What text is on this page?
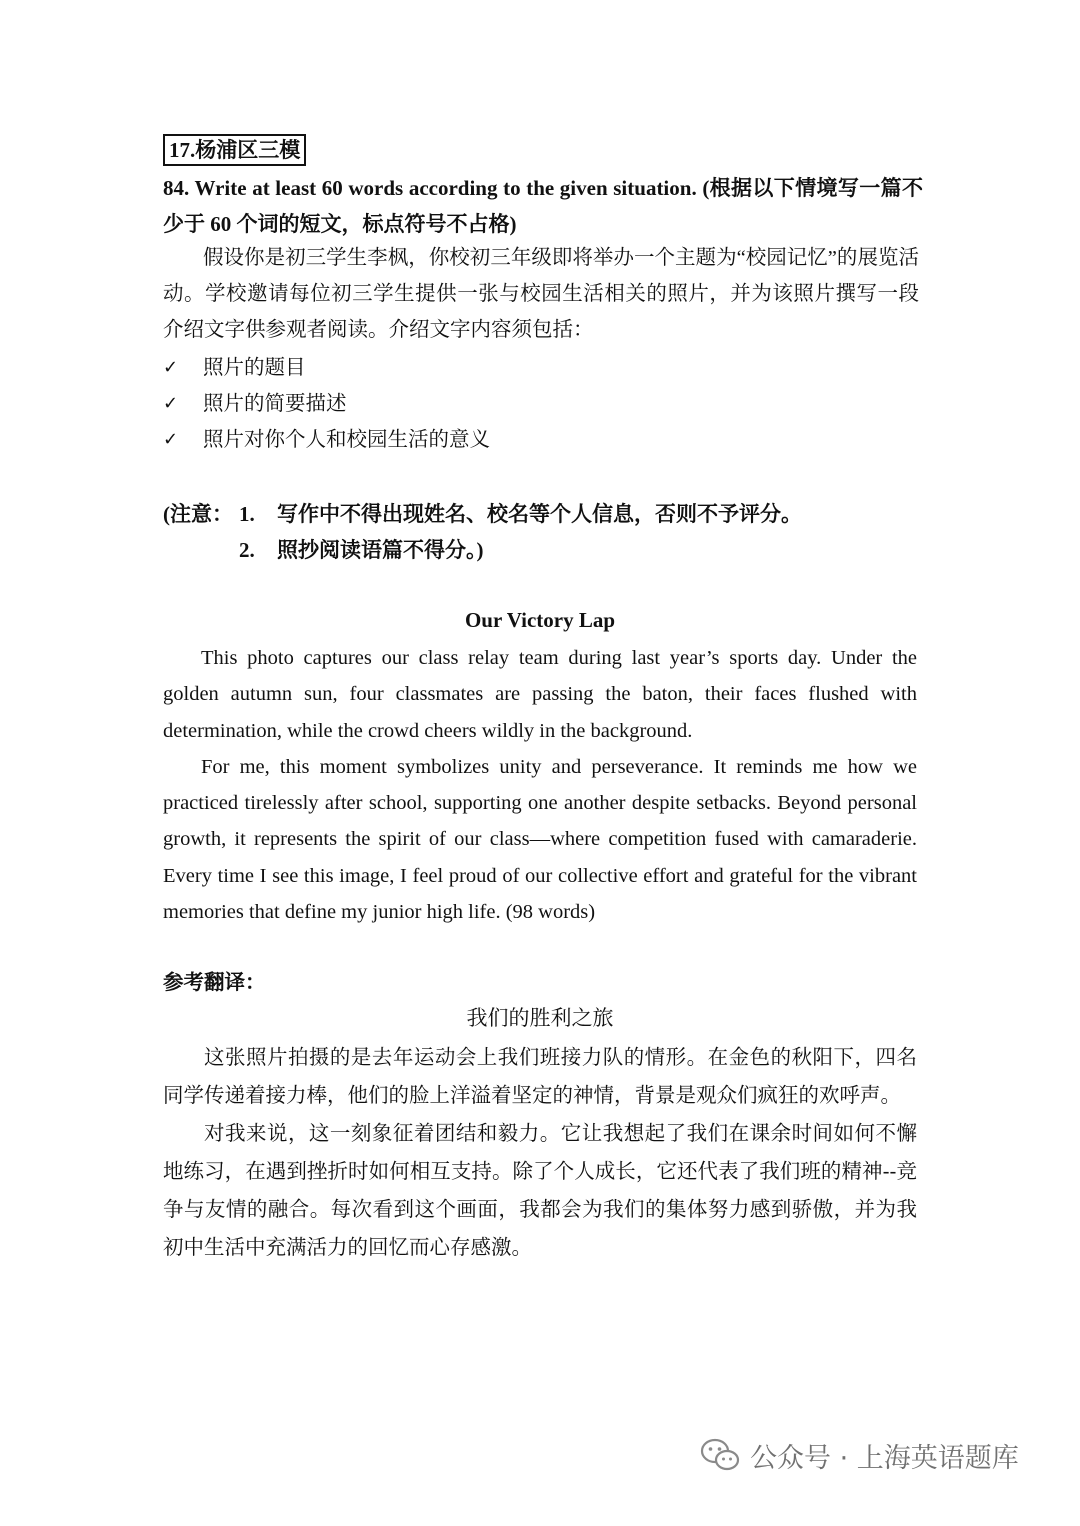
17.杨浦区三模
84. Write at least 60 words according to the given situation. (根据以下情境写一篇不少于 60 个词的短文，标点符号不占格)

假设你是初三学生李枫，你校初三年级即将举办一个主题为“校园记忆”的展览活动。学校邀请每位初三学生提供一张与校园生活相关的照片，并为该照片撰写一段介绍文字供参观者阅读。介绍文字内容须包括：

✓ 照片的题目
✓ 照片的简要描述
✓ 照片对你个人和校园生活的意义
(注意： 1. 写作中不得出现姓名、校名等个人信息，否则不予评分。
2. 照抄阅读语篇不得分。)
Our Victory Lap

This photo captures our class relay team during last year’s sports day. Under the golden autumn sun, four classmates are passing the baton, their faces flushed with determination, while the crowd cheers wildly in the background.

For me, this moment symbolizes unity and perseverance. It reminds me how we practiced tirelessly after school, supporting one another despite setbacks. Beyond personal growth, it represents the spirit of our class—where competition fused with camaraderie. Every time I see this image, I feel proud of our collective effort and grateful for the vibrant memories that define my junior high life. (98 words)

参考翻译：
我们的胜利之旅

这张照片拍摄的是去年运动会上我们班接力队的情形。在金色的秋阳下，四名同学传递着接力棒，他们的脸上洋溢着坚定的神情，背景是观众们疯狂的欢呼声。

对我来说，这一刻象征着团结和毅力。它让我想起了我们在课余时间如何不懈地练习，在遇到挫折时如何相互支持。除了个人成长，它还代表了我们班的精神--竞争与友情的融合。每次看到这个画面，我都会为我们的集体努力感到骄傲，并为我初中生活中充满活力的回忆而心存感激。

公众号 · 上海英语题库
